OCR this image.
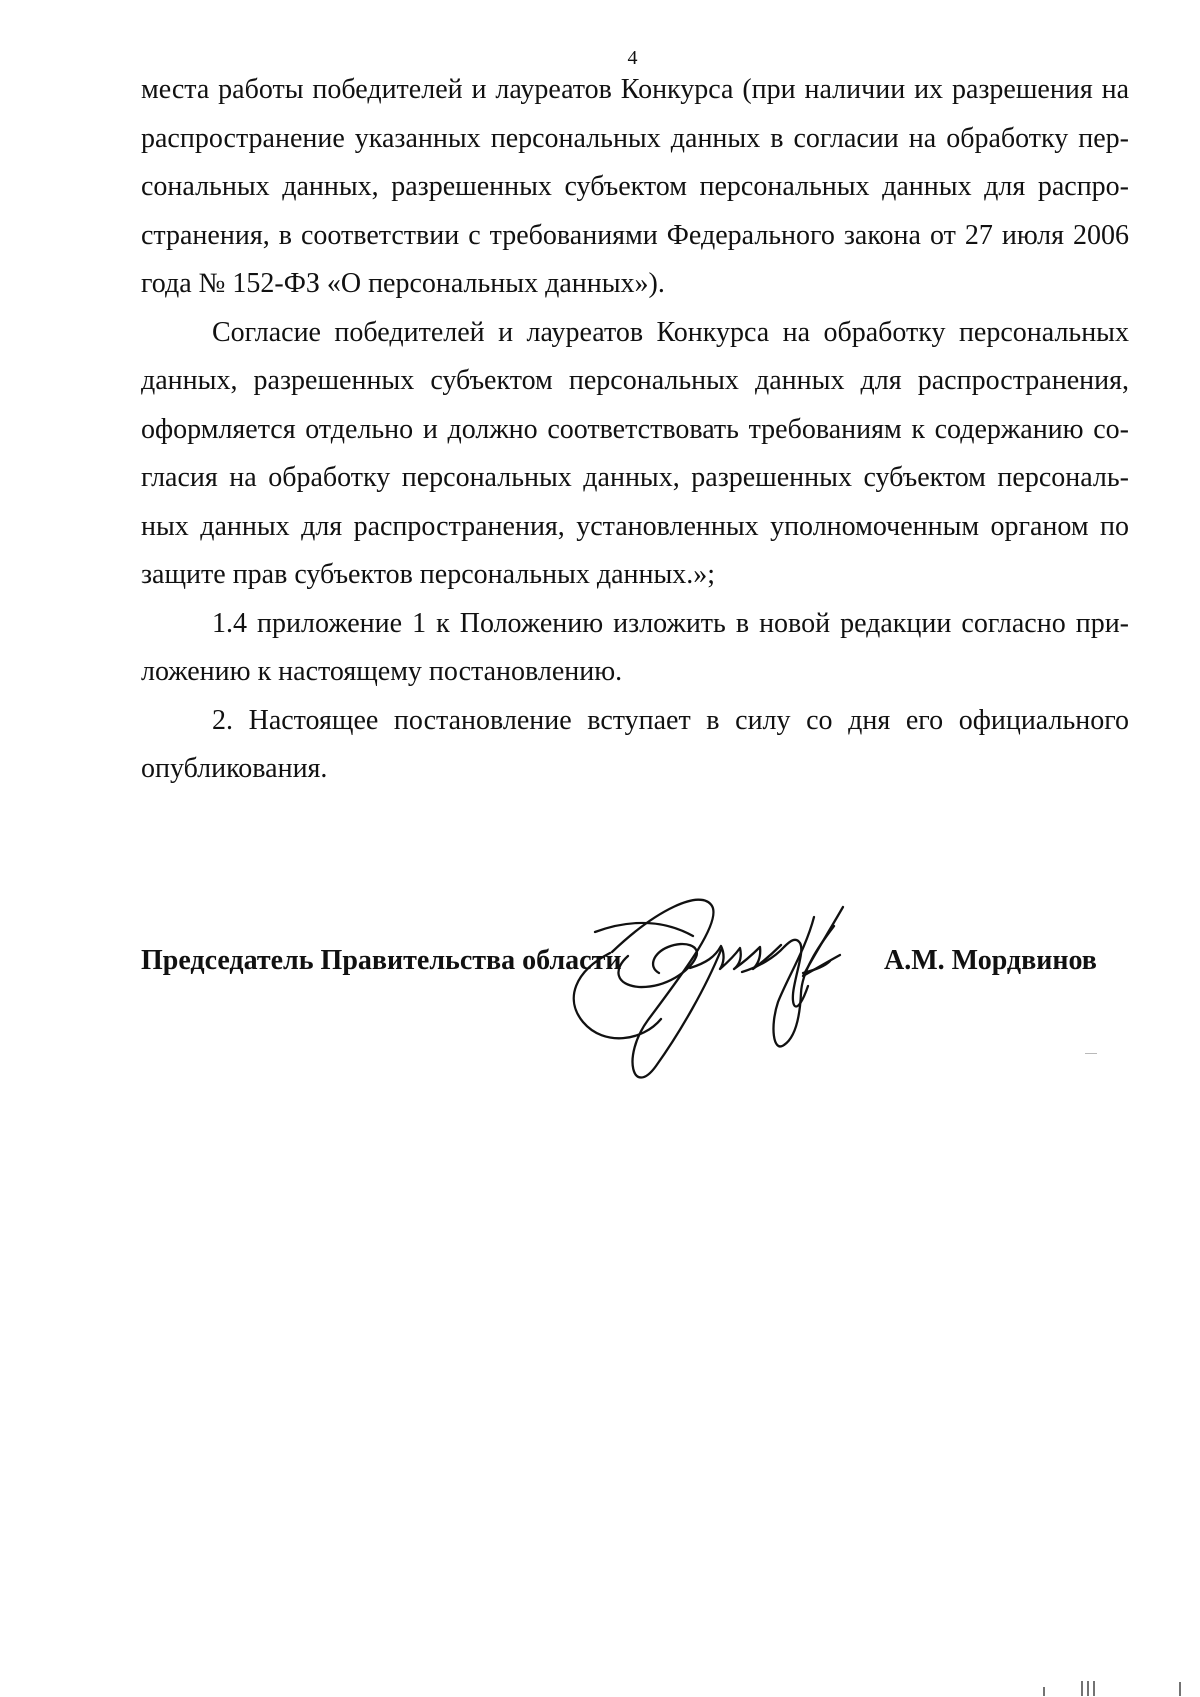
4

места работы победителей и лауреатов Конкурса (при наличии их разрешения на
распространение указанных персональных данных в согласии на обработку пер-
сональных данных, разрешенных субъектом персональных данных для распро-
странения, в соответствии с требованиями Федерального закона от 27 июля 2006
года № 152-ФЗ «О персональных данных»).

Согласие победителей и лауреатов Конкурса на обработку персональных
данных, разрешенных субъектом персональных данных для распространения,
оформляется отдельно и должно соответствовать требованиям к содержанию со-
гласия на обработку персональных данных, разрешенных субъектом персональ-
ных данных для распространения, установленных уполномоченным органом по
защите прав субъектов персональных данных.»;

1.4 приложение 1 к Положению изложить в новой редакции согласно при-
ложению к настоящему постановлению.

2. Настоящее постановление вступает в силу со дня его официального
опубликования.

Председатель Правительства области	А.М. Мордвинов
